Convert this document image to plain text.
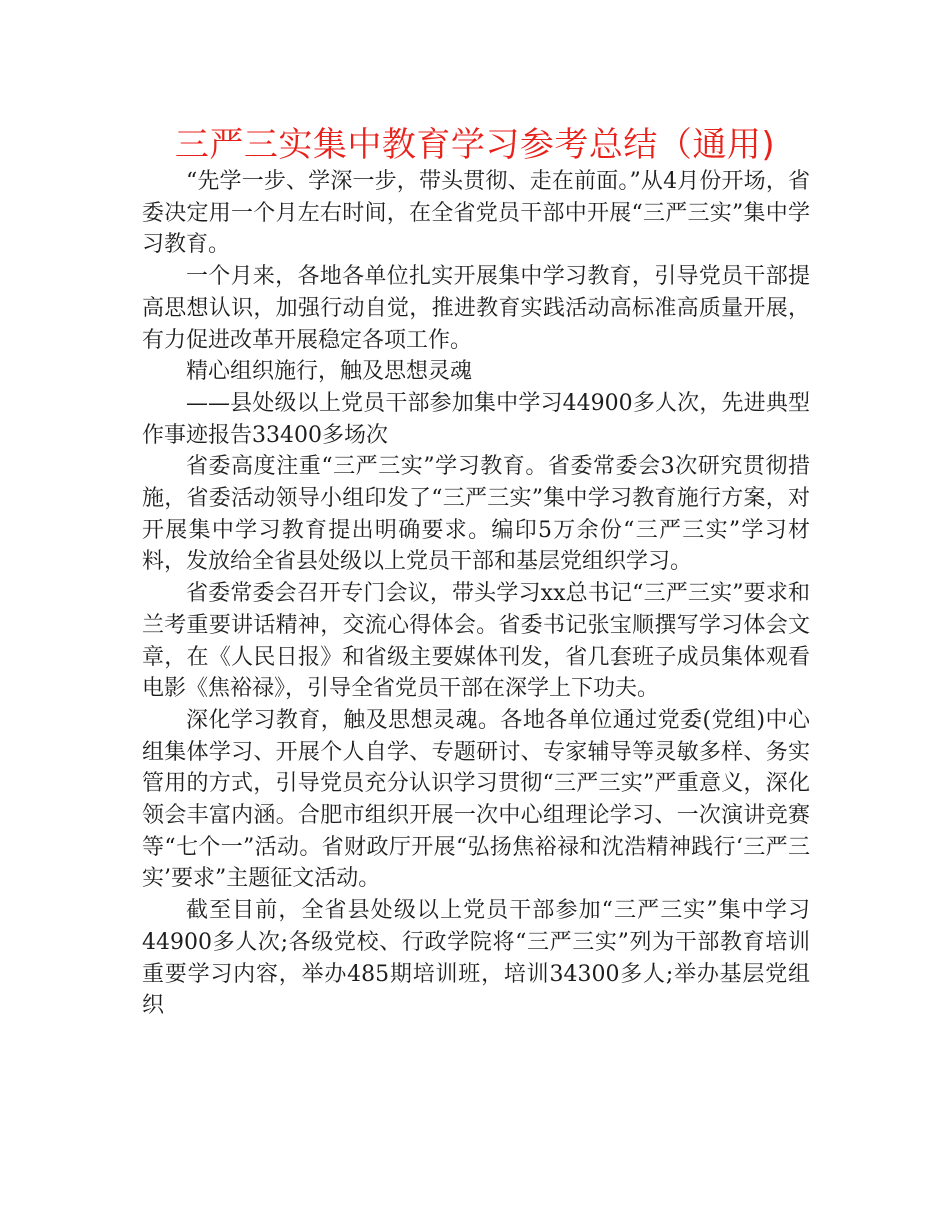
三严三实集中教育学习参考总结（通用)

“先学一步、学深一步，带头贯彻、走在前面。”从4月份开场，省委决定用一个月左右时间，在全省党员干部中开展“三严三实”集中学习教育。

一个月来，各地各单位扎实开展集中学习教育，引导党员干部提高思想认识，加强行动自觉，推进教育实践活动高标准高质量开展，有力促进改革开展稳定各项工作。

精心组织施行，触及思想灵魂

——县处级以上党员干部参加集中学习44900多人次，先进典型作事迹报告33400多场次

省委高度注重“三严三实”学习教育。省委常委会3次研究贯彻措施，省委活动领导小组印发了“三严三实”集中学习教育施行方案，对开展集中学习教育提出明确要求。编印5万余份“三严三实”学习材料，发放给全省县处级以上党员干部和基层党组织学习。

省委常委会召开专门会议，带头学习xx总书记“三严三实”要求和兰考重要讲话精神，交流心得体会。省委书记张宝顺撰写学习体会文章，在《人民日报》和省级主要媒体刊发，省几套班子成员集体观看电影《焦裕禄》，引导全省党员干部在深学上下功夫。

深化学习教育，触及思想灵魂。各地各单位通过党委(党组)中心组集体学习、开展个人自学、专题研讨、专家辅导等灵敏多样、务实管用的方式，引导党员充分认识学习贯彻“三严三实”严重意义，深化领会丰富内涵。合肥市组织开展一次中心组理论学习、一次演讲竞赛等“七个一”活动。省财政厅开展“弘扬焦裕禄和沈浩精神践行‘三严三实’要求”主题征文活动。

截至目前，全省县处级以上党员干部参加“三严三实”集中学习44900多人次;各级党校、行政学院将“三严三实”列为干部教育培训重要学习内容，举办485期培训班，培训34300多人;举办基层党组织
